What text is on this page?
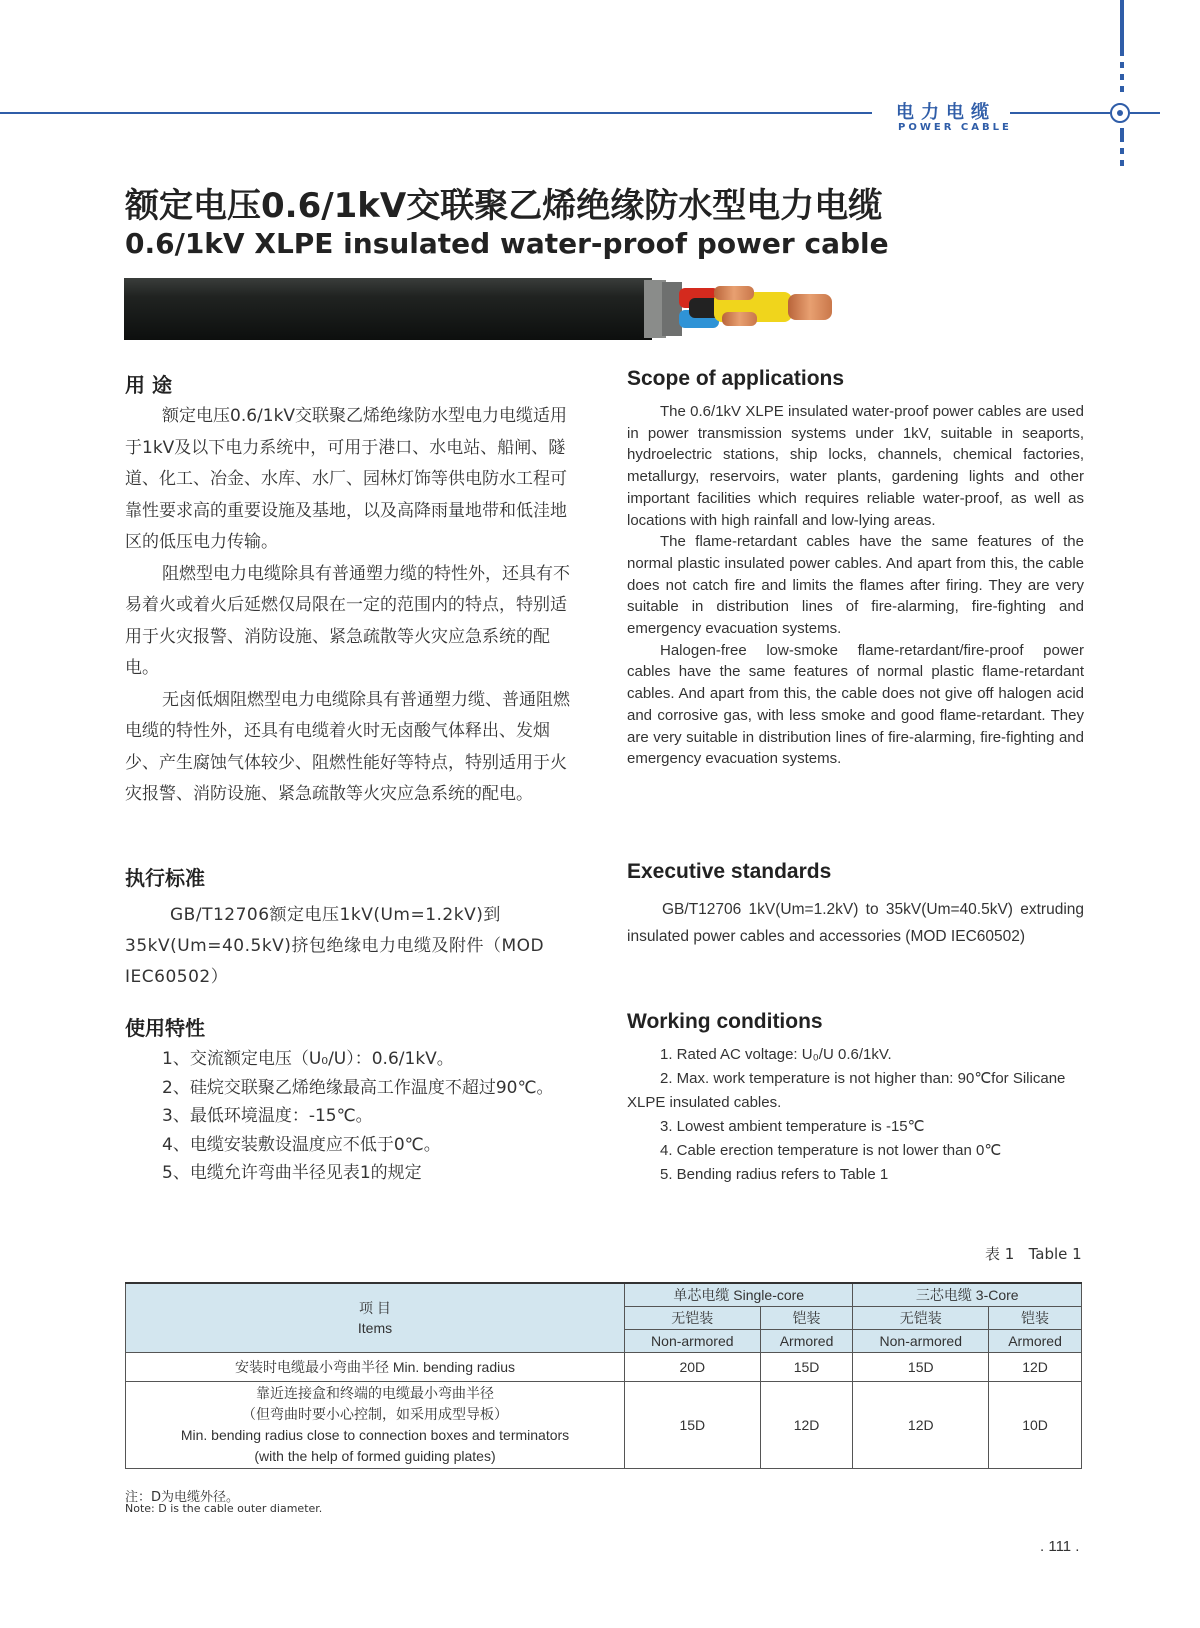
电力电缆
POWER CABLE
额定电压0.6/1kV交联聚乙烯绝缘防水型电力电缆
0.6/1kV XLPE insulated water-proof power cable
用 途	Scope of applications

额定电压0.6/1kV交联聚乙烯绝缘防水型电力电缆适用于1kV及以下电力系统中，可用于港口、水电站、船闸、隧道、化工、冶金、水库、水厂、园林灯饰等供电防水工程可靠性要求高的重要设施及基地，以及高降雨量地带和低洼地区的低压电力传输。

阻燃型电力电缆除具有普通塑力缆的特性外，还具有不易着火或着火后延燃仅局限在一定的范围内的特点，特别适用于火灾报警、消防设施、紧急疏散等火灾应急系统的配电。

无卤低烟阻燃型电力电缆除具有普通塑力缆、普通阻燃电缆的特性外，还具有电缆着火时无卤酸气体释出、发烟少、产生腐蚀气体较少、阻燃性能好等特点，特别适用于火灾报警、消防设施、紧急疏散等火灾应急系统的配电。

The 0.6/1kV XLPE insulated water-proof power cables are used in power transmission systems under 1kV, suitable in seaports, hydroelectric stations, ship locks, channels, chemical factories, metallurgy, reservoirs, water plants, gardening lights and other important facilities which requires reliable water-proof, as well as locations with high rainfall and low-lying areas.

The flame-retardant cables have the same features of the normal plastic insulated power cables. And apart from this, the cable does not catch fire and limits the flames after firing. They are very suitable in distribution lines of fire-alarming, fire-fighting and emergency evacuation systems.

Halogen-free low-smoke flame-retardant/fire-proof power cables have the same features of normal plastic flame-retardant cables. And apart from this, the cable does not give off halogen acid and corrosive gas, with less smoke and good flame-retardant. They are very suitable in distribution lines of fire-alarming, fire-fighting and emergency evacuation systems.

执行标准	Executive standards

GB/T12706额定电压1kV(Um=1.2kV)到35kV(Um=40.5kV)挤包绝缘电力电缆及附件（MOD IEC60502）

GB/T12706 1kV(Um=1.2kV) to 35kV(Um=40.5kV) extruding insulated power cables and accessories (MOD IEC60502)

使用特性	Working conditions
1、交流额定电压（U₀/U）：0.6/1kV。
2、硅烷交联聚乙烯绝缘最高工作温度不超过90℃。
3、最低环境温度：-15℃。
4、电缆安装敷设温度应不低于0℃。
5、电缆允许弯曲半径见表1的规定
1. Rated AC voltage: U₀/U 0.6/1kV.
2. Max. work temperature is not higher than: 90℃for Silicane XLPE insulated cables.
3. Lowest ambient temperature is -15℃
4. Cable erection temperature is not lower than 0℃
5. Bending radius refers to Table 1
表 1   Table 1
项 目
Items	单芯电缆 Single-core		三芯电缆 3-Core	
	无铠装	铠装	无铠装	铠装
	Non-armored	Armored	Non-armored	Armored
安装时电缆最小弯曲半径 Min. bending radius	20D	15D	15D	12D

靠近连接盒和终端的电缆最小弯曲半径
（但弯曲时要小心控制，如采用成型导板）
Min. bending radius close to connection boxes and terminators
(with the help of formed guiding plates)	15D	12D	12D	10D
注：D为电缆外径。
Note: D is the cable outer diameter.
. 111 .
